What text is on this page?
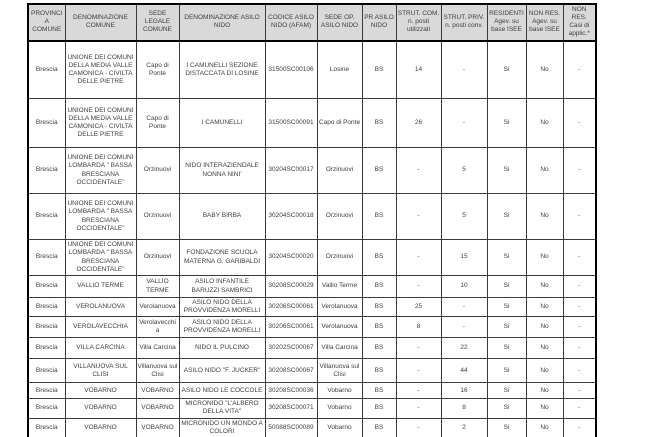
PROVINCIA COMUNE	DENOMINAZIONE COMUNE	SEDE LEGALE COMUNE	DENOMINAZIONE ASILO NIDO	CODICE ASILO NIDO (AFAM)	SEDE OP. ASILO NIDO	PR ASILO NIDO	STRUT. COM. n. posti utilizzati	STRUT. PRIV. n. posti conv.	RESIDENTI Agev. su base ISEE	NON RES. Agev. su base ISEE	NON RES. Casi di applic.*
Brescia	UNIONE DEI COMUNI DELLA MEDIA VALLE CAMONICA - CIVILTA DELLE PIETRE	Capo di Ponte	I CAMUNELLI SEZIONE DISTACCATA DI LOSINE	31500SC00106	Losine	BS	14	-	Si	No	-
Brescia	UNIONE DEI COMUNI DELLA MEDIA VALLE CAMONICA - CIVILTA DELLE PIETRE	Capo di Ponte	I CAMUNELLI	31500SC00091	Capo di Ponte	BS	26	-	Si	No	-
Brescia	UNIONE DEI COMUNI LOMBARDA " BASSA BRESCIANA OCCIDENTALE"	Orzinuovi	NIDO INTERAZIENDALE NONNA NINI'	30204SC00017	Orzinuovi	BS	-	5	Si	No	-
Brescia	UNIONE DEI COMUNI LOMBARDA " BASSA BRESCIANA OCCIDENTALE"	Orzinuovi	BABY BIRBA	30204SC00018	Orzinuovi	BS	-	5	Si	No	-
Brescia	UNIONE DEI COMUNI LOMBARDA " BASSA BRESCIANA OCCIDENTALE"	Orzinuovi	FONDAZIONE SCUOLA MATERNA G. GARIBALDI	30204SC00020	Orzinuovi	BS	-	15	Si	No	-
Brescia	VALLIO TERME	VALLIO TERME	ASILO INFANTILE BARUZZI SAMBRICI	30208SC00029	Vallio Terme	BS	-	10	Si	No	-
Brescia	VEROLANUOVA	Verolanuova	ASILO NIDO DELLA PROVVIDENZA MORELLI	30206SC00061	Verolanuova	BS	25	-	Si	No	-
Brescia	VEROLAVECCHIA	Verolavecchia	ASILO NIDO DELLA PROVVIDENZA MORELLI	30206SC00061	Verolanuova	BS	8	-	Si	No	-
Brescia	VILLA CARCINA	Villa Carcina	NIDO IL PULCINO	30202SC00067	Villa Carcina	BS	-	22	Si	No	-
Brescia	VILLANUOVA SUL CLISI	Villanuova sul Clisi	ASILO NIDO "F. JUCKER"	30208SC00067	Villanuova sul Clisi	BS	-	44	Si	No	-
Brescia	VOBARNO	VOBARNO	ASILO NIDO LE COCCOLE	30208SC00036	Vobarno	BS	-	16	Si	No	-
Brescia	VOBARNO	VOBARNO	MICRONIDO "L'ALBERO DELLA VITA"	30208SC00071	Vobarno	BS	-	8	Si	No	-
Brescia	VOBARNO	VOBARNO	MICRONIDO UN MONDO A COLORI	50088SC00089	Vobarno	BS	-	2	Si	No	-
